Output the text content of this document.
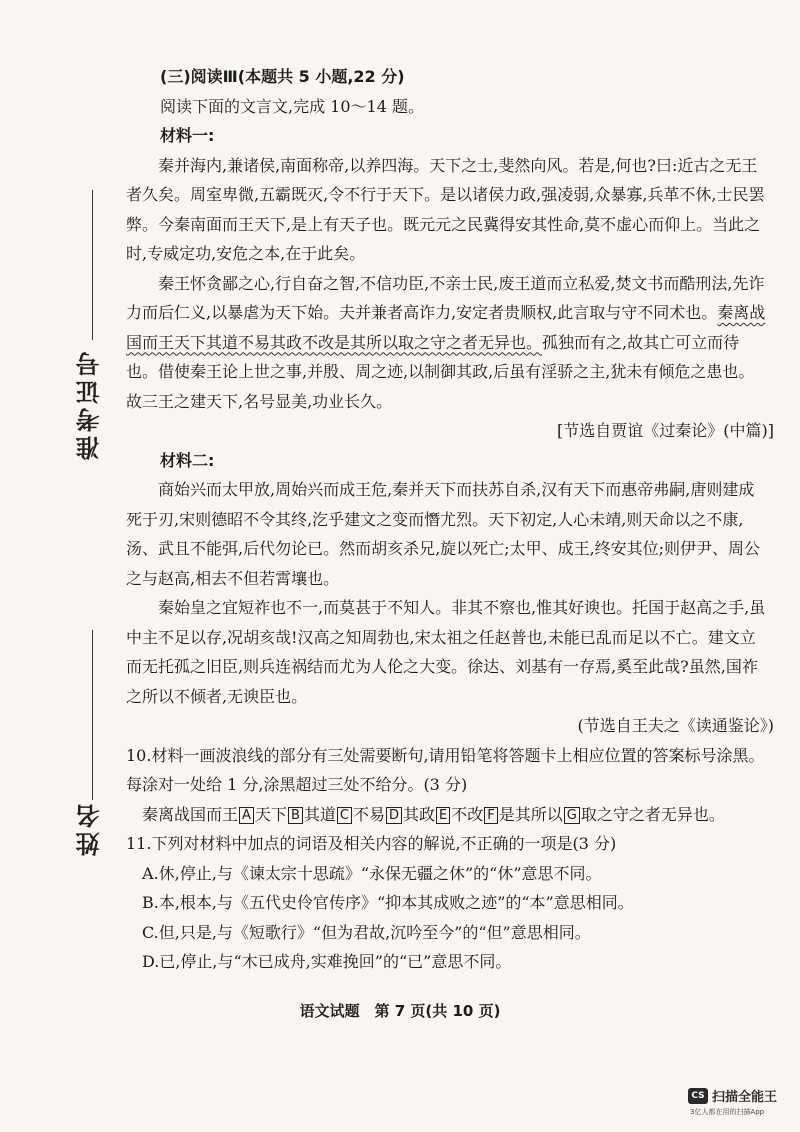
准考证号
姓名

(三)阅读Ⅲ(本题共 5 小题,22 分)

阅读下面的文言文,完成 10～14 题。

材料一:

秦并海内,兼诸侯,南面称帝,以养四海。天下之士,斐然向风。若是,何也?曰:近古之无王者久矣。周室卑微,五霸既灭,令不行于天下。是以诸侯力政,强凌弱,众暴寡,兵革不休,士民罢弊。今秦南面而王天下,是上有天子也。既元元之民冀得安其性命,莫不虚心而仰上。当此之时,专威定功,安危之本,在于此矣。

秦王怀贪鄙之心,行自奋之智,不信功臣,不亲士民,废王道而立私爱,焚文书而酷刑法,先诈力而后仁义,以暴虐为天下始。夫并兼者高诈力,安定者贵顺权,此言取与守不同术也。秦离战国而王天下其道不易其政不改是其所以取之守之者无异也。孤独而有之,故其亡可立而待也。借使秦王论上世之事,并殷、周之迹,以制御其政,后虽有淫骄之主,犹未有倾危之患也。故三王之建天下,名号显美,功业长久。

[节选自贾谊《过秦论》(中篇)]

材料二:

商始兴而太甲放,周始兴而成王危,秦并天下而扶苏自杀,汉有天下而惠帝弗嗣,唐则建成死于刃,宋则德昭不令其终,汔乎建文之变而憯尤烈。天下初定,人心未靖,则天命以之不康,汤、武且不能弭,后代勿论已。然而胡亥杀兄,旋以死亡;太甲、成王,终安其位;则伊尹、周公之与赵高,相去不但若霄壤也。

秦始皇之宜短祚也不一,而莫甚于不知人。非其不察也,惟其好谀也。托国于赵高之手,虽中主不足以存,况胡亥哉!汉高之知周勃也,宋太祖之任赵普也,未能已乱而足以不亡。建文立而无托孤之旧臣,则兵连祸结而尤为人伦之大变。徐达、刘基有一存焉,奚至此哉?虽然,国祚之所以不倾者,无谀臣也。

(节选自王夫之《读通鉴论》)

10.材料一画波浪线的部分有三处需要断句,请用铅笔将答题卡上相应位置的答案标号涂黑。每涂对一处给 1 分,涂黑超过三处不给分。(3 分)

秦离战国而王 A 天下 B 其道 C 不易 D 其政 E 不改 F 是其所以 G 取之守之者无异也。

11.下列对材料中加点的词语及相关内容的解说,不正确的一项是(3 分)

A.休,停止,与《谏太宗十思疏》“永保无疆之休”的“休”意思不同。

B.本,根本,与《五代史伶官传序》“抑本其成败之迹”的“本”意思相同。

C.但,只是,与《短歌行》“但为君故,沉吟至今”的“但”意思相同。

D.已,停止,与“木已成舟,实难挽回”的“已”意思不同。

语文试题　第 7 页(共 10 页)
CS 扫描全能王
3亿人都在用的扫描App
